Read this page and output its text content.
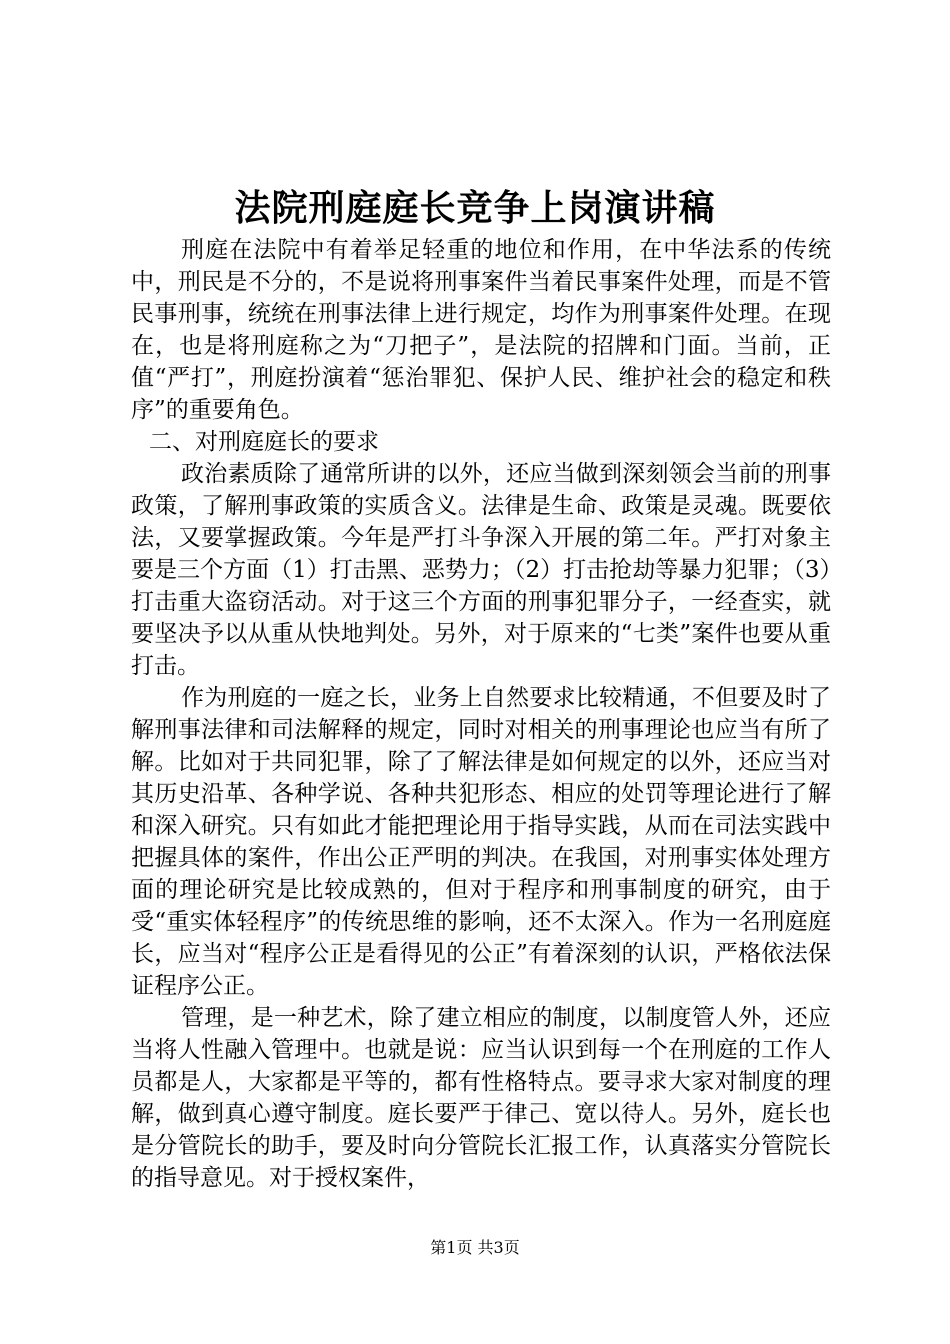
法院刑庭庭长竞争上岗演讲稿

刑庭在法院中有着举足轻重的地位和作用，在中华法系的传统中，刑民是不分的，不是说将刑事案件当着民事案件处理，而是不管民事刑事，统统在刑事法律上进行规定，均作为刑事案件处理。在现在，也是将刑庭称之为“刀把子”，是法院的招牌和门面。当前，正值“严打”，刑庭扮演着“惩治罪犯、保护人民、维护社会的稳定和秩序”的重要角色。

二、对刑庭庭长的要求

政治素质除了通常所讲的以外，还应当做到深刻领会当前的刑事政策，了解刑事政策的实质含义。法律是生命、政策是灵魂。既要依法，又要掌握政策。今年是严打斗争深入开展的第二年。严打对象主要是三个方面（1）打击黑、恶势力；（2）打击抢劫等暴力犯罪；（3）打击重大盗窃活动。对于这三个方面的刑事犯罪分子，一经查实，就要坚决予以从重从快地判处。另外，对于原来的“七类”案件也要从重打击。

作为刑庭的一庭之长，业务上自然要求比较精通，不但要及时了解刑事法律和司法解释的规定，同时对相关的刑事理论也应当有所了解。比如对于共同犯罪，除了了解法律是如何规定的以外，还应当对其历史沿革、各种学说、各种共犯形态、相应的处罚等理论进行了解和深入研究。只有如此才能把理论用于指导实践，从而在司法实践中把握具体的案件，作出公正严明的判决。在我国，对刑事实体处理方面的理论研究是比较成熟的，但对于程序和刑事制度的研究，由于受“重实体轻程序”的传统思维的影响，还不太深入。作为一名刑庭庭长，应当对“程序公正是看得见的公正”有着深刻的认识，严格依法保证程序公正。

管理，是一种艺术，除了建立相应的制度，以制度管人外，还应当将人性融入管理中。也就是说：应当认识到每一个在刑庭的工作人员都是人，大家都是平等的，都有性格特点。要寻求大家对制度的理解，做到真心遵守制度。庭长要严于律己、宽以待人。另外，庭长也是分管院长的助手，要及时向分管院长汇报工作，认真落实分管院长的指导意见。对于授权案件，

第1页 共3页
